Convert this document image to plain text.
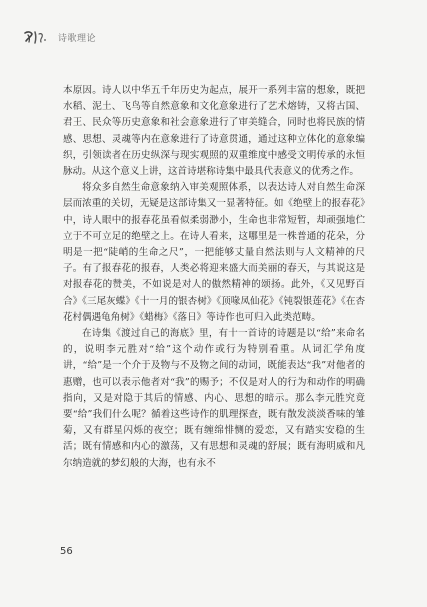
诗歌理论

本原因。诗人以中华五千年历史为起点，展开一系列丰富的想象，既把水稻、泥土、飞鸟等自然意象和文化意象进行了艺术熔铸，又将古国、君王、民众等历史意象和社会意象进行了审美缝合，同时也将民族的情感、思想、灵魂等内在意象进行了诗意贯通，通过这种立体化的意象编织，引领读者在历史纵深与现实观照的双重维度中感受文明传承的永恒脉动。从这个意义上讲，这首诗堪称诗集中最具代表意义的优秀之作。

将众多自然生命意象纳入审美观照体系，以表达诗人对自然生命深层而浓重的关切，无疑是这部诗集又一显著特征。如《绝壁上的报春花》中，诗人眼中的报春花虽看似柔弱渺小，生命也非常短暂，却顽强地伫立于不可立足的绝壁之上。在诗人看来，这哪里是一株普通的花朵，分明是一把“陡峭的生命之尺”，一把能够丈量自然法则与人文精神的尺子。有了报春花的报春，人类必将迎来盛大而美丽的春天，与其说这是对报春花的赞美，不如说是对人的傲然精神的颂扬。此外，《又见野百合》《三尾灰蝶》《十一月的银杏树》《顶喙凤仙花》《钝裂银莲花》《在杏花村偶遇龟角树》《蜡梅》《落日》等诗作也可归入此类范畴。

在诗集《渡过自己的海底》里，有十一首诗的诗题是以“给”来命名的，说明李元胜对“给”这个动作或行为特别看重。从词汇学角度讲，“给”是一个介于及物与不及物之间的动词，既能表达“我”对他者的惠赠，也可以表示他者对“我”的赐予；不仅是对人的行为和动作的明确指向，又是对隐于其后的情感、内心、思想的暗示。那么李元胜究竟要“给”我们什么呢？循着这些诗作的肌理探查，既有散发淡淡香味的雏菊，又有群星闪烁的夜空；既有缠绵悱恻的爱恋，又有踏实安稳的生活；既有情感和内心的激荡，又有思想和灵魂的舒展；既有海明威和凡尔纳造就的梦幻般的大海，也有永不

56
